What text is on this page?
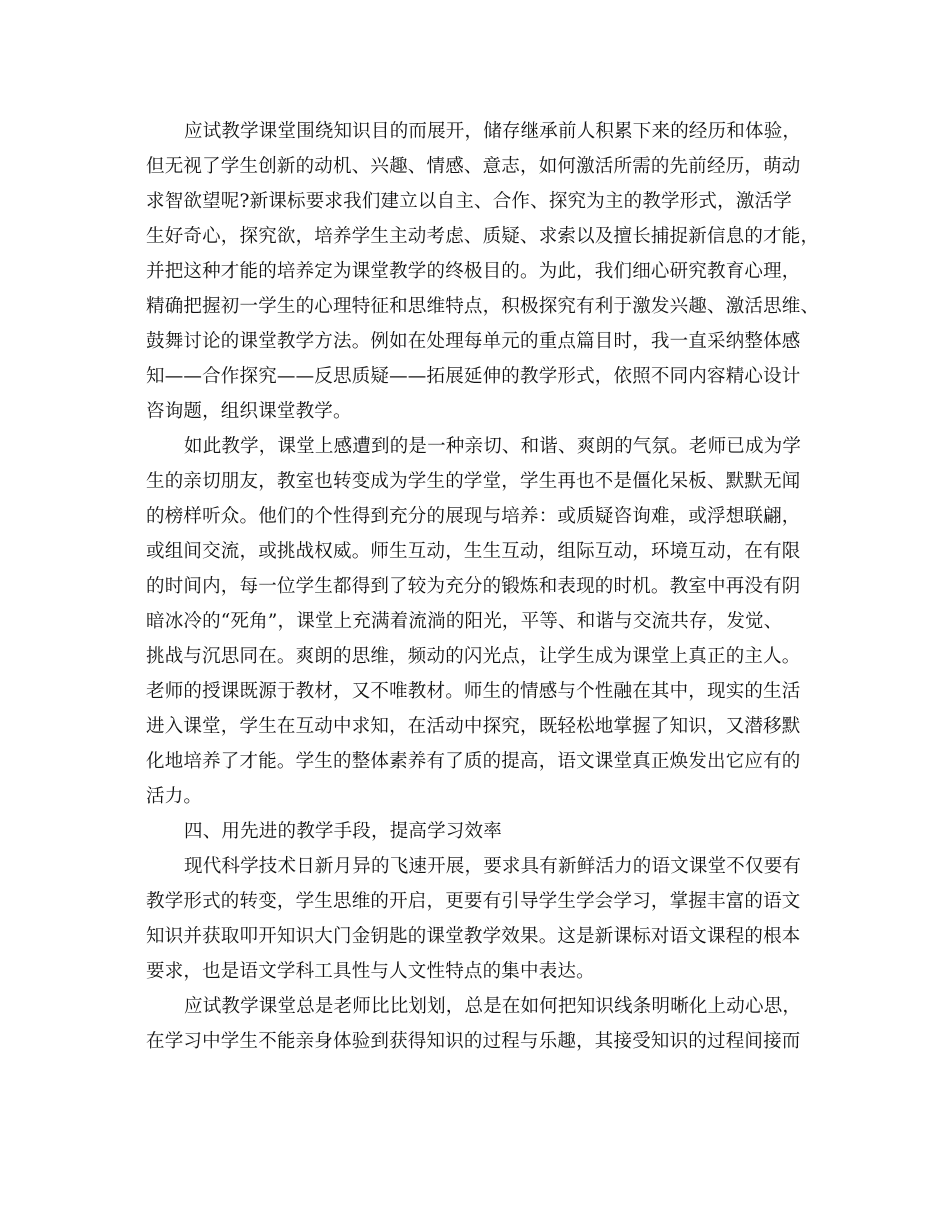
应试教学课堂围绕知识目的而展开，储存继承前人积累下来的经历和体验，
但无视了学生创新的动机、兴趣、情感、意志，如何激活所需的先前经历，萌动
求智欲望呢?新课标要求我们建立以自主、合作、探究为主的教学形式，激活学
生好奇心，探究欲，培养学生主动考虑、质疑、求索以及擅长捕捉新信息的才能，
并把这种才能的培养定为课堂教学的终极目的。为此，我们细心研究教育心理，
精确把握初一学生的心理特征和思维特点，积极探究有利于激发兴趣、激活思维、
鼓舞讨论的课堂教学方法。例如在处理每单元的重点篇目时，我一直采纳整体感
知——合作探究——反思质疑——拓展延伸的教学形式，依照不同内容精心设计
咨询题，组织课堂教学。
如此教学，课堂上感遭到的是一种亲切、和谐、爽朗的气氛。老师已成为学
生的亲切朋友，教室也转变成为学生的学堂，学生再也不是僵化呆板、默默无闻
的榜样听众。他们的个性得到充分的展现与培养：或质疑咨询难，或浮想联翩，
或组间交流，或挑战权威。师生互动，生生互动，组际互动，环境互动，在有限
的时间内，每一位学生都得到了较为充分的锻炼和表现的时机。教室中再没有阴
暗冰冷的“死角”，课堂上充满着流淌的阳光，平等、和谐与交流共存，发觉、
挑战与沉思同在。爽朗的思维，频动的闪光点，让学生成为课堂上真正的主人。
老师的授课既源于教材，又不唯教材。师生的情感与个性融在其中，现实的生活
进入课堂，学生在互动中求知，在活动中探究，既轻松地掌握了知识，又潜移默
化地培养了才能。学生的整体素养有了质的提高，语文课堂真正焕发出它应有的
活力。
四、用先进的教学手段，提高学习效率
现代科学技术日新月异的飞速开展，要求具有新鲜活力的语文课堂不仅要有
教学形式的转变，学生思维的开启，更要有引导学生学会学习，掌握丰富的语文
知识并获取叩开知识大门金钥匙的课堂教学效果。这是新课标对语文课程的根本
要求，也是语文学科工具性与人文性特点的集中表达。
应试教学课堂总是老师比比划划，总是在如何把知识线条明晰化上动心思，
在学习中学生不能亲身体验到获得知识的过程与乐趣，其接受知识的过程间接而
